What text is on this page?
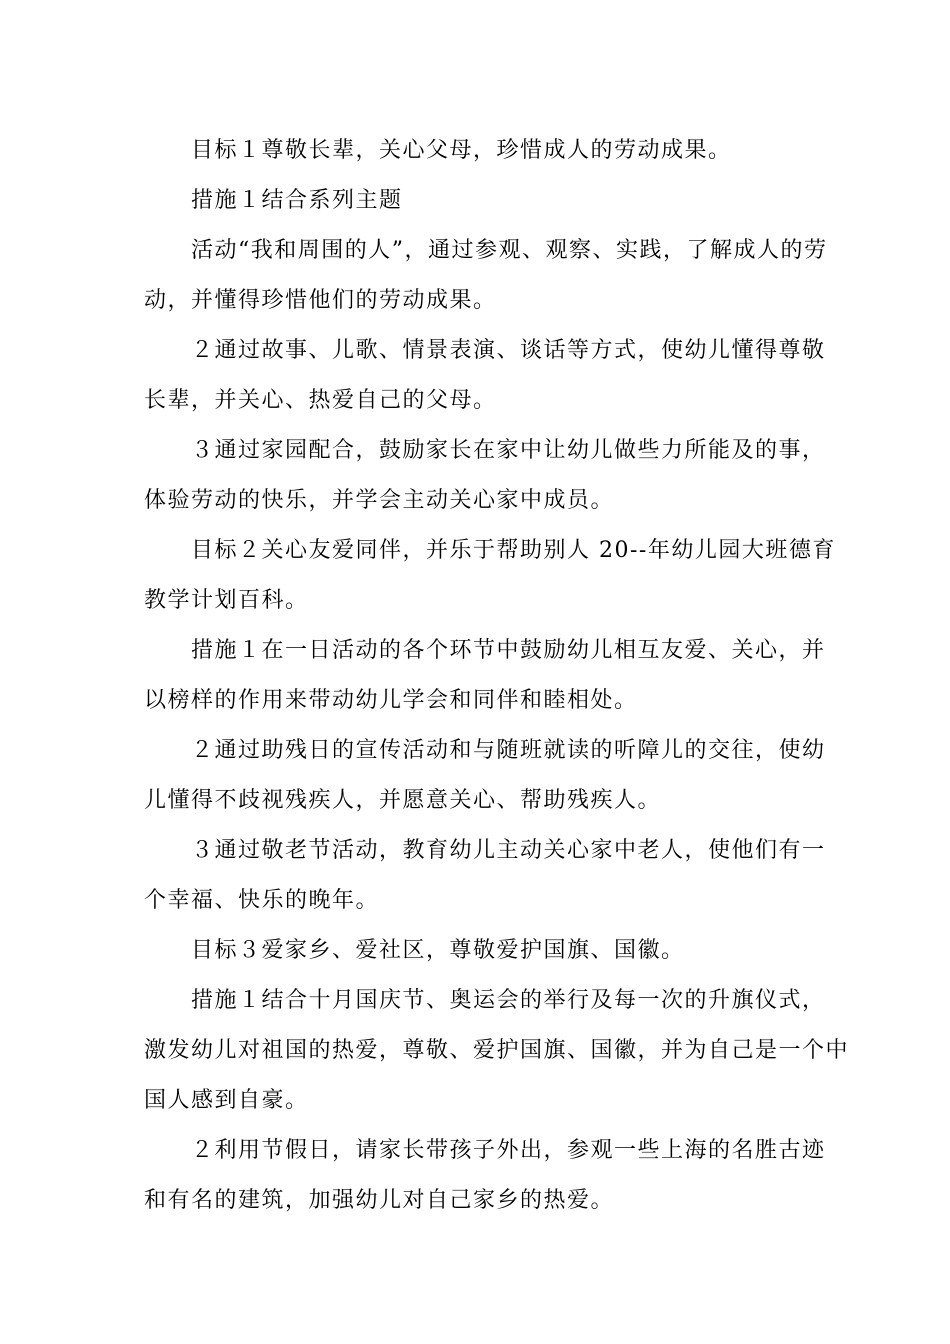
目标１尊敬长辈，关心父母，珍惜成人的劳动成果。
措施１结合系列主题
活动“我和周围的人”，通过参观、观察、实践，了解成人的劳
动，并懂得珍惜他们的劳动成果。
２通过故事、儿歌、情景表演、谈话等方式，使幼儿懂得尊敬
长辈，并关心、热爱自己的父母。
３通过家园配合，鼓励家长在家中让幼儿做些力所能及的事，
体验劳动的快乐，并学会主动关心家中成员。
目标２关心友爱同伴，并乐于帮助别人 20--年幼儿园大班德育
教学计划百科。
措施１在一日活动的各个环节中鼓励幼儿相互友爱、关心，并
以榜样的作用来带动幼儿学会和同伴和睦相处。
２通过助残日的宣传活动和与随班就读的听障儿的交往，使幼
儿懂得不歧视残疾人，并愿意关心、帮助残疾人。
３通过敬老节活动，教育幼儿主动关心家中老人，使他们有一
个幸福、快乐的晚年。
目标３爱家乡、爱社区，尊敬爱护国旗、国徽。
措施１结合十月国庆节、奥运会的举行及每一次的升旗仪式，
激发幼儿对祖国的热爱，尊敬、爱护国旗、国徽，并为自己是一个中
国人感到自豪。
２利用节假日，请家长带孩子外出，参观一些上海的名胜古迹
和有名的建筑，加强幼儿对自己家乡的热爱。
